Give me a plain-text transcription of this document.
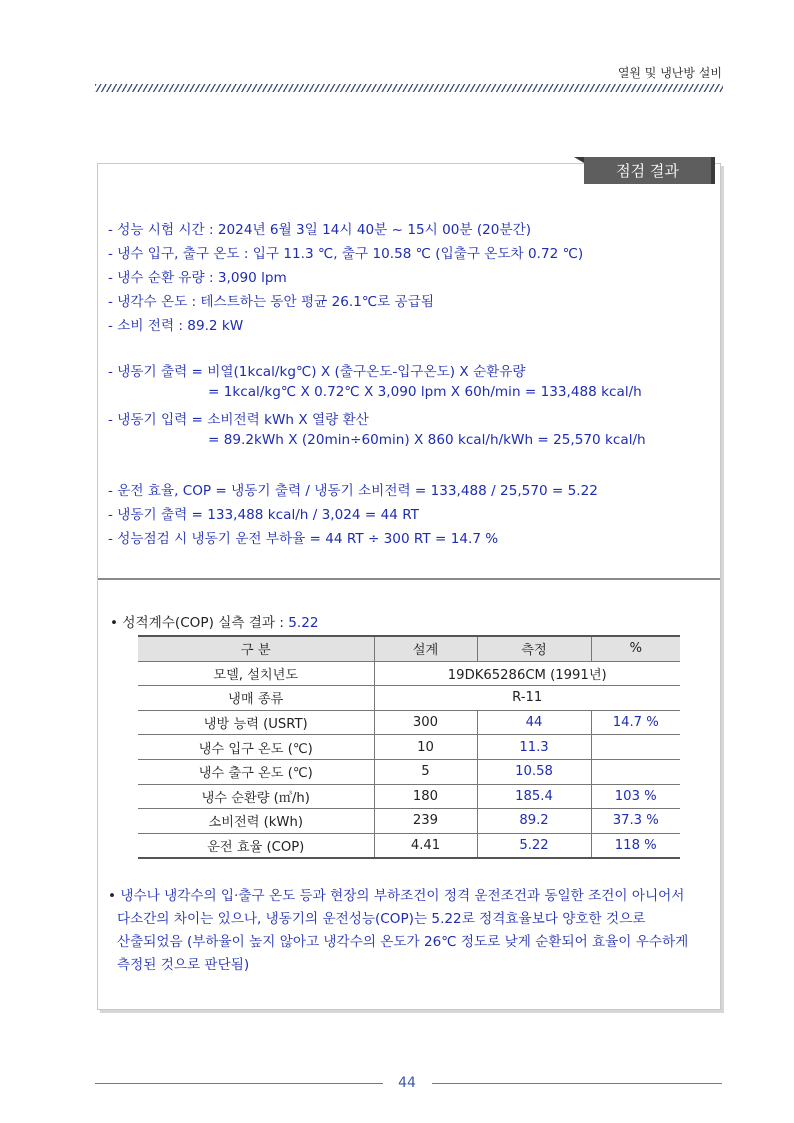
열원 및 냉난방 설비
점검 결과
- 성능 시험 시간 : 2024년 6월 3일 14시 40분 ~ 15시 00분 (20분간)
- 냉수 입구, 출구 온도 : 입구 11.3 ℃, 출구 10.58 ℃ (입출구 온도차 0.72 ℃)
- 냉수 순환 유량 : 3,090 lpm
- 냉각수 온도 : 테스트하는 동안 평균 26.1℃로 공급됨
- 소비 전력 : 89.2 kW
- 냉동기 출력 = 비열(1kcal/kg℃) X (출구온도-입구온도) X 순환유량
= 1kcal/kg℃ X 0.72℃ X 3,090 lpm X 60h/min = 133,488 kcal/h
- 냉동기 입력 = 소비전력 kWh X 열량 환산
= 89.2kWh X (20min÷60min) X 860 kcal/h/kWh = 25,570 kcal/h
- 운전 효율, COP = 냉동기 출력 / 냉동기 소비전력 = 133,488 / 25,570 = 5.22
- 냉동기 출력 = 133,488 kcal/h / 3,024 = 44 RT
- 성능점검 시 냉동기 운전 부하율 = 44 RT ÷ 300 RT = 14.7 %
• 성적계수(COP) 실측 결과 : 5.22
구 분	설계	측정	%
모델, 설치년도	19DK65286CM (1991년)		
냉매 종류	R-11		
냉방 능력 (USRT)	300	44	14.7 %
냉수 입구 온도 (℃)	10	11.3	
냉수 출구 온도 (℃)	5	10.58	
냉수 순환량 (㎥/h)	180	185.4	103 %
소비전력 (kWh)	239	89.2	37.3 %
운전 효율 (COP)	4.41	5.22	118 %
• 냉수나 냉각수의 입·출구 온도 등과 현장의 부하조건이 정격 운전조건과 동일한 조건이 아니어서
다소간의 차이는 있으나, 냉동기의 운전성능(COP)는 5.22로 정격효율보다 양호한 것으로
산출되었음 (부하율이 높지 않아고 냉각수의 온도가 26℃ 정도로 낮게 순환되어 효율이 우수하게
측정된 것으로 판단됨)
44
